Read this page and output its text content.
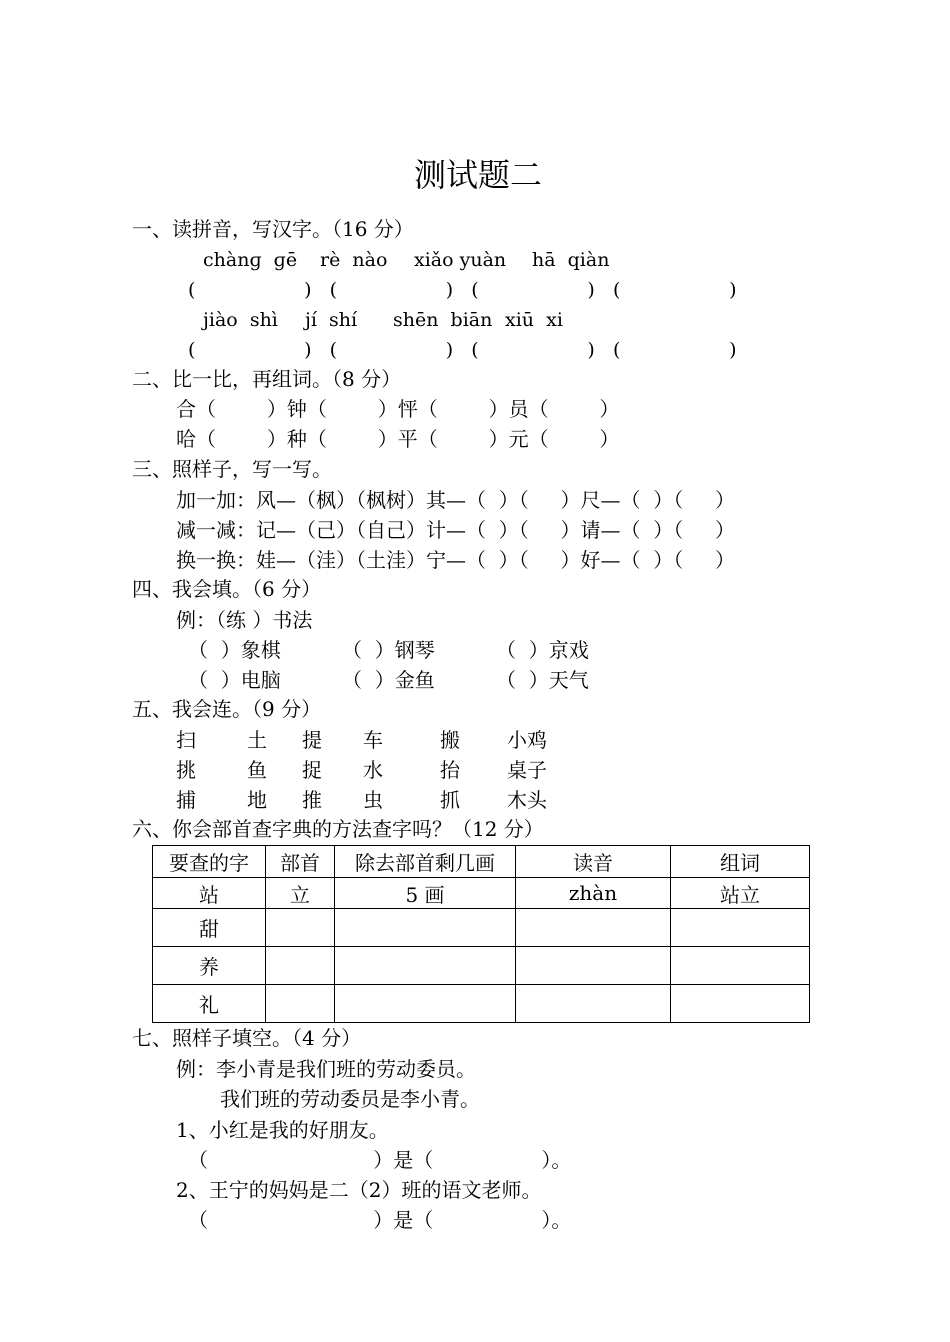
测试题二
一、读拼音，写汉字。（16 分）
chànɡ  ɡē rè  nào xiǎo yuàn hā  qiàn
(                  )   (                  )   (                  )   (                  )
jiào  shì jí  shí shēn  biān xiū  xi
(                  )   (                  )   (                  )   (                  )
二、比一比，再组词。（8 分）
合（        ）钟（        ）怦（        ）员（        ）
哈（        ）种（        ）平（        ）元（        ）
三、照样子，写一写。
加一加：风—（枫）（枫树）其—（  ）（     ）尺—（  ）（     ）
减一减：记—（己）（自己）计—（  ）（     ）请—（  ）（     ）
换一换：娃—（洼）（土洼）宁—（  ）（     ）好—（  ）（     ）
四、我会填。（6 分）
例：（练 ）书法
（  ）象棋	（  ）钢琴	（  ）京戏
（  ）电脑	（  ）金鱼	（  ）天气
五、我会连。（9 分）
扫	土 提 车	搬 小鸡
挑	鱼 捉 水	抬 桌子
捕	地 推 虫	抓 木头
六、你会部首查字典的方法查字吗？（12 分）
要查的字	部首	除去部首剩几画	读音	组词
站	立	5 画	zhàn	站立
甜				
养				
礼				
七、照样子填空。（4 分）
例：李小青是我们班的劳动委员。
我们班的劳动委员是李小青。
1、小红是我的好朋友。
（                          ）是（                 ）。
2、王宁的妈妈是二（2）班的语文老师。
（                          ）是（                 ）。
